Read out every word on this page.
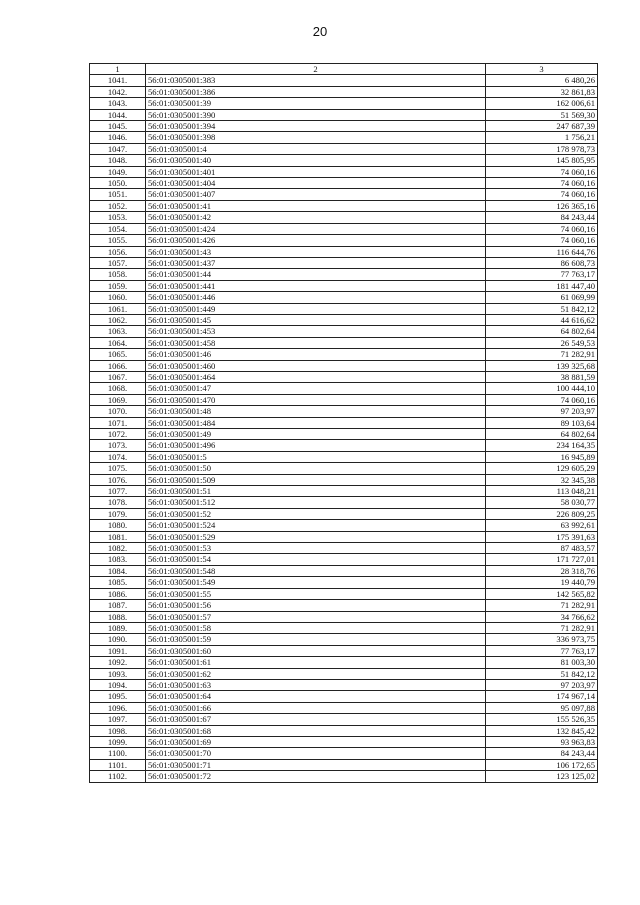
20
1	2	3
1041.	56:01:0305001:383	6 480,26
1042.	56:01:0305001:386	32 861,83
1043.	56:01:0305001:39	162 006,61
1044.	56:01:0305001:390	51 569,30
1045.	56:01:0305001:394	247 687,39
1046.	56:01:0305001:398	1 756,21
1047.	56:01:0305001:4	178 978,73
1048.	56:01:0305001:40	145 805,95
1049.	56:01:0305001:401	74 060,16
1050.	56:01:0305001:404	74 060,16
1051.	56:01:0305001:407	74 060,16
1052.	56:01:0305001:41	126 365,16
1053.	56:01:0305001:42	84 243,44
1054.	56:01:0305001:424	74 060,16
1055.	56:01:0305001:426	74 060,16
1056.	56:01:0305001:43	116 644,76
1057.	56:01:0305001:437	86 608,73
1058.	56:01:0305001:44	77 763,17
1059.	56:01:0305001:441	181 447,40
1060.	56:01:0305001:446	61 069,99
1061.	56:01:0305001:449	51 842,12
1062.	56:01:0305001:45	44 616,62
1063.	56:01:0305001:453	64 802,64
1064.	56:01:0305001:458	26 549,53
1065.	56:01:0305001:46	71 282,91
1066.	56:01:0305001:460	139 325,68
1067.	56:01:0305001:464	38 881,59
1068.	56:01:0305001:47	100 444,10
1069.	56:01:0305001:470	74 060,16
1070.	56:01:0305001:48	97 203,97
1071.	56:01:0305001:484	89 103,64
1072.	56:01:0305001:49	64 802,64
1073.	56:01:0305001:496	234 164,35
1074.	56:01:0305001:5	16 945,89
1075.	56:01:0305001:50	129 605,29
1076.	56:01:0305001:509	32 345,38
1077.	56:01:0305001:51	113 048,21
1078.	56:01:0305001:512	58 030,77
1079.	56:01:0305001:52	226 809,25
1080.	56:01:0305001:524	63 992,61
1081.	56:01:0305001:529	175 391,63
1082.	56:01:0305001:53	87 483,57
1083.	56:01:0305001:54	171 727,01
1084.	56:01:0305001:548	28 318,76
1085.	56:01:0305001:549	19 440,79
1086.	56:01:0305001:55	142 565,82
1087.	56:01:0305001:56	71 282,91
1088.	56:01:0305001:57	34 766,62
1089.	56:01:0305001:58	71 282,91
1090.	56:01:0305001:59	336 973,75
1091.	56:01:0305001:60	77 763,17
1092.	56:01:0305001:61	81 003,30
1093.	56:01:0305001:62	51 842,12
1094.	56:01:0305001:63	97 203,97
1095.	56:01:0305001:64	174 967,14
1096.	56:01:0305001:66	95 097,88
1097.	56:01:0305001:67	155 526,35
1098.	56:01:0305001:68	132 845,42
1099.	56:01:0305001:69	93 963,83
1100.	56:01:0305001:70	84 243,44
1101.	56:01:0305001:71	106 172,65
1102.	56:01:0305001:72	123 125,02
